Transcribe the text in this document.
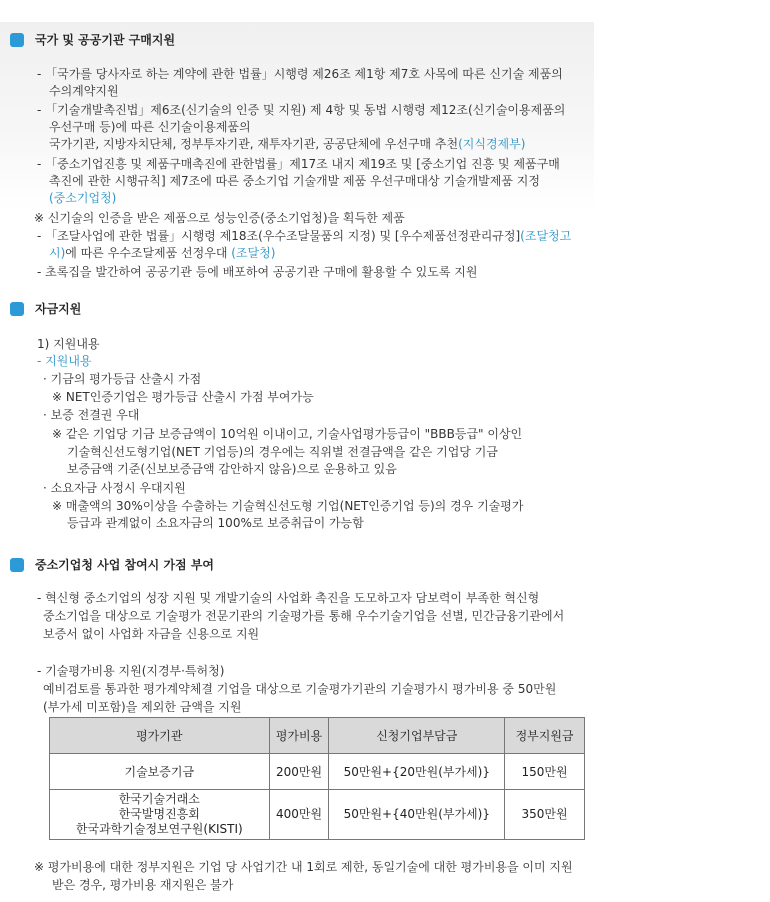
국가 및 공공기관 구매지원
- 「국가를 당사자로 하는 계약에 관한 법률」시행령 제26조 제1항 제7호 사목에 따른 신기술 제품의
수의계약지원
- 「기술개발촉진법」제6조(신기술의 인증 및 지원) 제 4항 및 동법 시행령 제12조(신기술이용제품의
우선구매 등)에 따른 신기술이용제품의
국가기관, 지방자치단체, 정부투자기관, 재투자기관, 공공단체에 우선구매 추천(지식경제부)
- 「중소기업진흥 및 제품구매촉진에 관한법률」제17조 내지 제19조 및 [중소기업 진흥 및 제품구매
촉진에 관한 시행규칙] 제7조에 따른 중소기업 기술개발 제품 우선구매대상 기술개발제품 지정
(중소기업청)
※ 신기술의 인증을 받은 제품으로 성능인증(중소기업청)을 획득한 제품
- 「조달사업에 관한 법률」시행령 제18조(우수조달물품의 지정) 및 [우수제품선정관리규정](조달청고
시)에 따른 우수조달제품 선정우대 (조달청)
- 초록집을 발간하여 공공기관 등에 배포하여 공공기관 구매에 활용할 수 있도록 지원
자금지원
1) 지원내용
- 지원내용
· 기금의 평가등급 산출시 가점
※ NET인증기업은 평가등급 산출시 가점 부여가능
· 보증 전결권 우대
※ 같은 기업당 기금 보증금액이 10억원 이내이고, 기술사업평가등급이 "BBB등급" 이상인
기술혁신선도형기업(NET 기업등)의 경우에는 직위별 전결금액을 같은 기업당 기금
보증금액 기준(신보보증금액 감안하지 않음)으로 운용하고 있음
· 소요자금 사정시 우대지원
※ 매출액의 30%이상을 수출하는 기술혁신선도형 기업(NET인증기업 등)의 경우 기술평가
등급과 관계없이 소요자금의 100%로 보증취급이 가능함
중소기업청 사업 참여시 가점 부여
- 혁신형 중소기업의 성장 지원 및 개발기술의 사업화 촉진을 도모하고자 담보력이 부족한 혁신형
중소기업을 대상으로 기술평가 전문기관의 기술평가를 통해 우수기술기업을 선별, 민간금융기관에서
보증서 없이 사업화 자금을 신용으로 지원
- 기술평가비용 지원(지경부·특허청)
예비검토를 통과한 평가계약체결 기업을 대상으로 기술평가기관의 기술평가시 평가비용 중 50만원
(부가세 미포함)을 제외한 금액을 지원
평가기관	평가비용	신청기업부담금	정부지원금
기술보증기금	200만원	50만원+{20만원(부가세)}	150만원

한국기술거래소
한국발명진흥회
한국과학기술정보연구원(KISTI)	400만원	50만원+{40만원(부가세)}	350만원
※ 평가비용에 대한 정부지원은 기업 당 사업기간 내 1회로 제한, 동일기술에 대한 평가비용을 이미 지원
받은 경우, 평가비용 재지원은 불가
